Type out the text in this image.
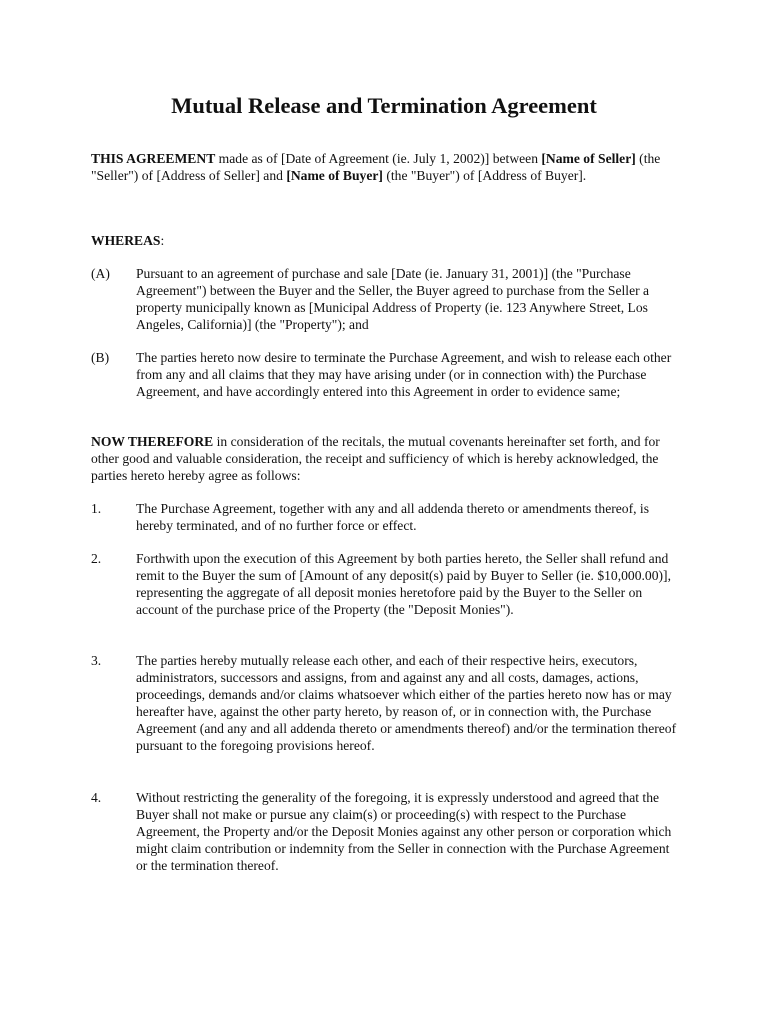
Mutual Release and Termination Agreement

THIS AGREEMENT made as of [Date of Agreement (ie. July 1, 2002)] between [Name of Seller] (the "Seller") of [Address of Seller] and [Name of Buyer] (the "Buyer") of [Address of Buyer].

WHEREAS:

(A) Pursuant to an agreement of purchase and sale [Date (ie. January 31, 2001)] (the "Purchase Agreement") between the Buyer and the Seller, the Buyer agreed to purchase from the Seller a property municipally known as [Municipal Address of Property (ie. 123 Anywhere Street, Los Angeles, California)] (the "Property"); and
(B) The parties hereto now desire to terminate the Purchase Agreement, and wish to release each other from any and all claims that they may have arising under (or in connection with) the Purchase Agreement, and have accordingly entered into this Agreement in order to evidence same;

NOW THEREFORE in consideration of the recitals, the mutual covenants hereinafter set forth, and for other good and valuable consideration, the receipt and sufficiency of which is hereby acknowledged, the parties hereto hereby agree as follows:

1.	The Purchase Agreement, together with any and all addenda thereto or amendments thereof, is hereby terminated, and of no further force or effect.
2.	Forthwith upon the execution of this Agreement by both parties hereto, the Seller shall refund and remit to the Buyer the sum of [Amount of any deposit(s) paid by Buyer to Seller (ie. $10,000.00)], representing the aggregate of all deposit monies heretofore paid by the Buyer to the Seller on account of the purchase price of the Property (the "Deposit Monies").
3.	The parties hereby mutually release each other, and each of their respective heirs, executors, administrators, successors and assigns, from and against any and all costs, damages, actions, proceedings, demands and/or claims whatsoever which either of the parties hereto now has or may hereafter have, against the other party hereto, by reason of, or in connection with, the Purchase Agreement (and any and all addenda thereto or amendments thereof) and/or the termination thereof pursuant to the foregoing provisions hereof.
4.	Without restricting the generality of the foregoing, it is expressly understood and agreed that the Buyer shall not make or pursue any claim(s) or proceeding(s) with respect to the Purchase Agreement, the Property and/or the Deposit Monies against any other person or corporation which might claim contribution or indemnity from the Seller in connection with the Purchase Agreement or the termination thereof.
